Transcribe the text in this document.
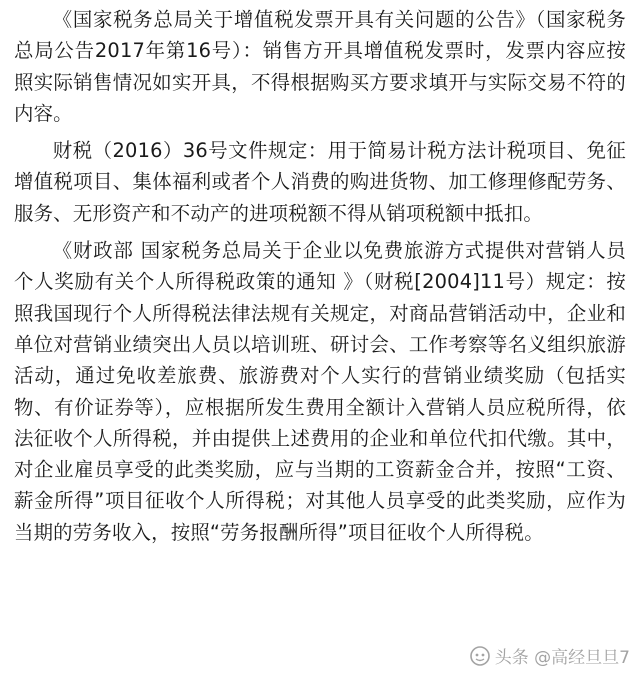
《国家税务总局关于增值税发票开具有关问题的公告》（国家税务总局公告2017年第16号）：销售方开具增值税发票时，发票内容应按照实际销售情况如实开具，不得根据购买方要求填开与实际交易不符的内容。

财税（2016）36号文件规定：用于简易计税方法计税项目、免征增值税项目、集体福利或者个人消费的购进货物、加工修理修配劳务、服务、无形资产和不动产的进项税额不得从销项税额中抵扣。

《财政部 国家税务总局关于企业以免费旅游方式提供对营销人员个人奖励有关个人所得税政策的通知 》（财税[2004]11号）规定：按照我国现行个人所得税法律法规有关规定，对商品营销活动中，企业和单位对营销业绩突出人员以培训班、研讨会、工作考察等名义组织旅游活动，通过免收差旅费、旅游费对个人实行的营销业绩奖励（包括实物、有价证券等），应根据所发生费用全额计入营销人员应税所得，依法征收个人所得税，并由提供上述费用的企业和单位代扣代缴。其中，对企业雇员享受的此类奖励，应与当期的工资薪金合并，按照“工资、薪金所得”项目征收个人所得税；对其他人员享受的此类奖励，应作为当期的劳务收入，按照“劳务报酬所得”项目征收个人所得税。

头条 @高经旦旦7
